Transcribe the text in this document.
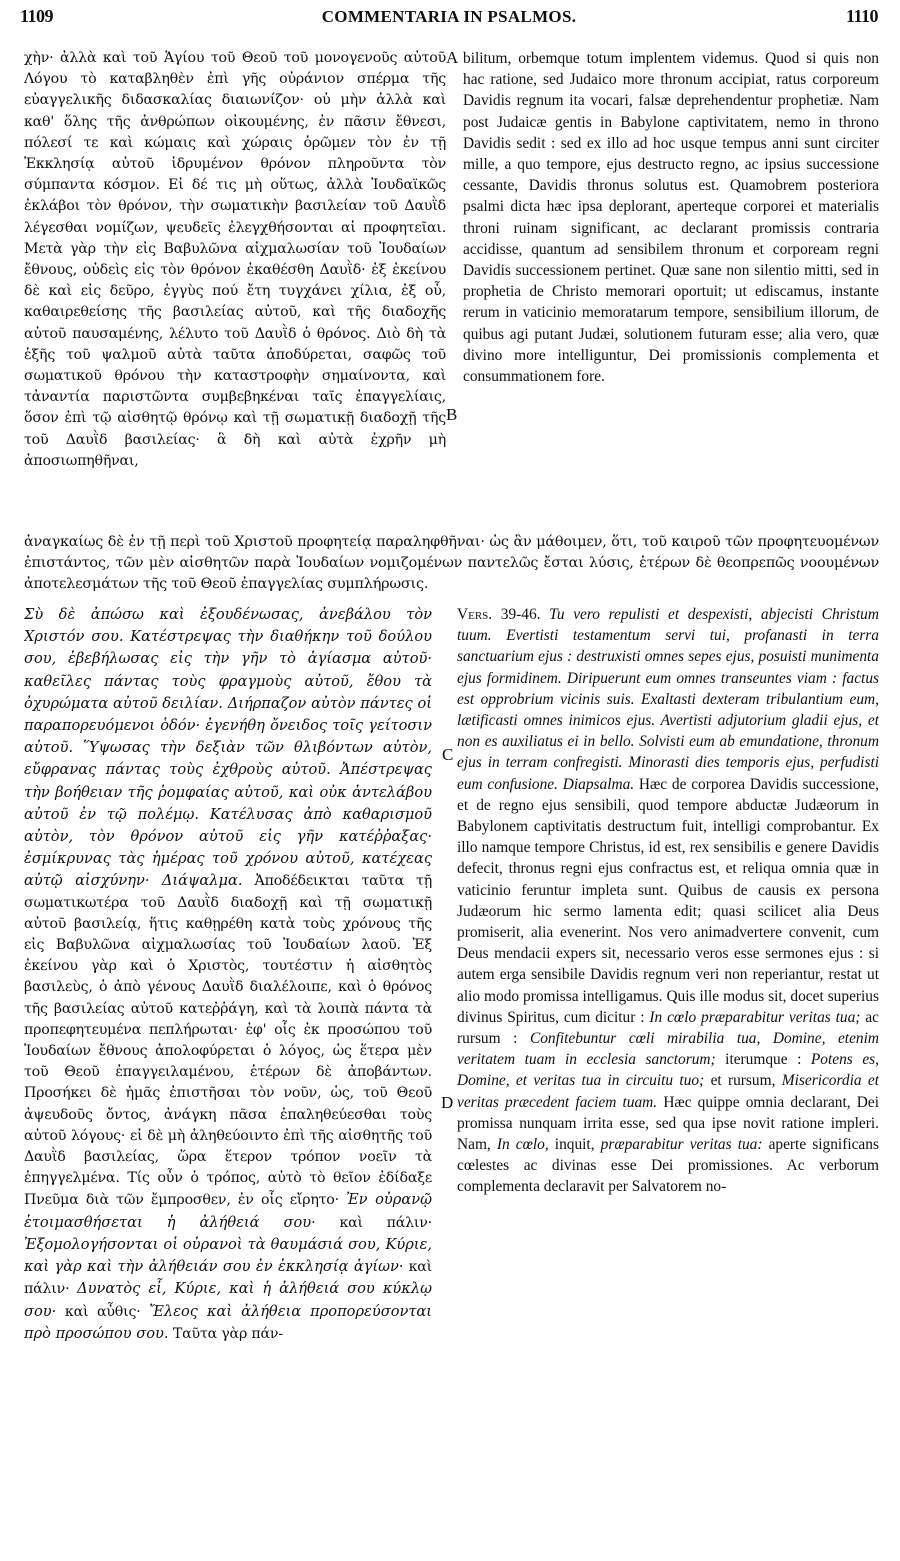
1109	COMMENTARIA IN PSALMOS.	1110
A
B
C
D

χὴν· ἀλλὰ καὶ τοῦ Ἁγίου τοῦ Θεοῦ τοῦ μονογενοῦς αὐτοῦ Λόγου τὸ καταβληθὲν ἐπὶ γῆς οὐράνιον σπέρμα τῆς εὐαγγελικῆς διδασκαλίας διαιωνίζον· οὐ μὴν ἀλλὰ καὶ καθ' ὅλης τῆς ἀνθρώπων οἰκουμένης, ἐν πᾶσιν ἔθνεσι, πόλεσί τε καὶ κώμαις καὶ χώραις ὁρῶμεν τὸν ἐν τῇ Ἐκκλησίᾳ αὐτοῦ ἱδρυμένον θρόνον πληροῦντα τὸν σύμπαντα κόσμον. Εἰ δέ τις μὴ οὕτως, ἀλλὰ Ἰουδαϊκῶς ἐκλάβοι τὸν θρόνον, τὴν σωματικὴν βασιλείαν τοῦ Δαυῒδ λέγεσθαι νομίζων, ψευδεῖς ἐλεγχθήσονται αἱ προφητεῖαι. Μετὰ γὰρ τὴν εἰς Βαβυλῶνα αἰχμαλωσίαν τοῦ Ἰουδαίων ἔθνους, οὐδεὶς εἰς τὸν θρόνον ἐκαθέσθη Δαυῒδ· ἐξ ἐκείνου δὲ καὶ εἰς δεῦρο, ἐγγὺς πού ἔτη τυγχάνει χίλια, ἐξ οὗ, καθαιρεθείσης τῆς βασιλείας αὐτοῦ, καὶ τῆς διαδοχῆς αὐτοῦ παυσαμένης, λέλυτο τοῦ Δαυῒδ ὁ θρόνος. Διὸ δὴ τὰ ἑξῆς τοῦ ψαλμοῦ αὐτὰ ταῦτα ἀποδύρεται, σαφῶς τοῦ σωματικοῦ θρόνου τὴν καταστροφὴν σημαίνοντα, καὶ τἀναντία παριστῶντα συμβεβηκέναι ταῖς ἐπαγγελίαις, ὅσον ἐπὶ τῷ αἰσθητῷ θρόνῳ καὶ τῇ σωματικῇ διαδοχῇ τῆς τοῦ Δαυῒδ βασιλείας· ἃ δὴ καὶ αὐτὰ ἐχρῆν μὴ ἀποσιωπηθῆναι,

bilitum, orbemque totum implentem videmus. Quod si quis non hac ratione, sed Judaico more thronum accipiat, ratus corporeum Davidis regnum ita vocari, falsæ deprehendentur prophetiæ. Nam post Judaicæ gentis in Babylone captivitatem, nemo in throno Davidis sedit : sed ex illo ad hoc usque tempus anni sunt circiter mille, a quo tempore, ejus destructo regno, ac ipsius successione cessante, Davidis thronus solutus est. Quamobrem posteriora psalmi dicta hæc ipsa deplorant, aperteque corporei et materialis throni ruinam significant, ac declarant promissis contraria accidisse, quantum ad sensibilem thronum et corpoream regni Davidis successionem pertinet. Quæ sane non silentio mitti, sed in prophetia de Christo memorari oportuit; ut ediscamus, instante rerum in vaticinio memoratarum tempore, sensibilium illorum, de quibus agi putant Judæi, solutionem futuram esse; alia vero, quæ divino more intelliguntur, Dei promissionis complementa et consummationem fore.

ἀναγκαίως δὲ ἐν τῇ περὶ τοῦ Χριστοῦ προφητείᾳ παραληφθῆναι· ὡς ἂν μάθοιμεν, ὅτι, τοῦ καιροῦ τῶν προφητευομένων ἐπιστάντος, τῶν μὲν αἰσθητῶν παρὰ Ἰουδαίων νομιζομένων παντελῶς ἔσται λύσις, ἑτέρων δὲ θεοπρεπῶς νοουμένων ἀποτελεσμάτων τῆς τοῦ Θεοῦ ἐπαγγελίας συμπλήρωσις.

Σὺ δὲ ἀπώσω καὶ ἐξουδένωσας, ἀνεβάλου τὸν Χριστόν σου. Κατέστρεψας τὴν διαθήκην τοῦ δούλου σου, ἐβεβήλωσας εἰς τὴν γῆν τὸ ἁγίασμα αὐτοῦ· καθεῖλες πάντας τοὺς φραγμοὺς αὐτοῦ, ἔθου τὰ ὀχυρώματα αὐτοῦ δειλίαν. Διήρπαζον αὐτὸν πάντες οἱ παραπορευόμενοι ὁδόν· ἐγενήθη ὄνειδος τοῖς γείτοσιν αὐτοῦ. Ὕψωσας τὴν δεξιὰν τῶν θλιβόντων αὐτὸν, εὔφρανας πάντας τοὺς ἐχθροὺς αὐτοῦ. Ἀπέστρεψας τὴν βοήθειαν τῆς ῥομφαίας αὐτοῦ, καὶ οὐκ ἀντελάβου αὐτοῦ ἐν τῷ πολέμῳ. Κατέλυσας ἀπὸ καθαρισμοῦ αὐτὸν, τὸν θρόνον αὐτοῦ εἰς γῆν κατέῤῥαξας· ἐσμίκρυνας τὰς ἡμέρας τοῦ χρόνου αὐτοῦ, κατέχεας αὐτῷ αἰσχύνην· Διάψαλμα. Ἀποδέδεικται ταῦτα τῇ σωματικωτέρα τοῦ Δαυῒδ διαδοχῇ καὶ τῇ σωματικῇ αὐτοῦ βασιλείᾳ, ἥτις καθῃρέθη κατὰ τοὺς χρόνους τῆς εἰς Βαβυλῶνα αἰχμαλωσίας τοῦ Ἰουδαίων λαοῦ. Ἐξ ἐκείνου γὰρ καὶ ὁ Χριστὸς, τουτέστιν ἡ αἰσθητὸς βασιλεὺς, ὁ ἀπὸ γένους Δαυῒδ διαλέλοιπε, καὶ ὁ θρόνος τῆς βασιλείας αὐτοῦ κατεῤῥάγη, καὶ τὰ λοιπὰ πάντα τὰ προπεφητευμένα πεπλήρωται· ἐφ' οἷς ἐκ προσώπου τοῦ Ἰουδαίων ἔθνους ἀπολοφύρεται ὁ λόγος, ὡς ἕτερα μὲν τοῦ Θεοῦ ἐπαγγειλαμένου, ἑτέρων δὲ ἀποβάντων. Προσήκει δὲ ἡμᾶς ἐπιστῆσαι τὸν νοῦν, ὡς, τοῦ Θεοῦ ἀψευδοῦς ὄντος, ἀνάγκη πᾶσα ἐπαληθεύεσθαι τοὺς αὐτοῦ λόγους· εἰ δὲ μὴ ἀληθεύοιντο ἐπὶ τῆς αἰσθητῆς τοῦ Δαυῒδ βασιλείας, ὥρα ἕτερον τρόπον νοεῖν τὰ ἐπηγγελμένα. Τίς οὖν ὁ τρόπος, αὐτὸ τὸ θεῖον ἐδίδαξε Πνεῦμα διὰ τῶν ἔμπροσθεν, ἐν οἷς εἴρητο· Ἐν οὐρανῷ ἑτοιμασθήσεται ἡ ἀλήθειά σου· καὶ πάλιν· Ἐξομολογήσονται οἱ οὐρανοὶ τὰ θαυμάσιά σου, Κύριε, καὶ γὰρ καὶ τὴν ἀλήθειάν σου ἐν ἐκκλησίᾳ ἁγίων· καὶ πάλιν· Δυνατὸς εἶ, Κύριε, καὶ ἡ ἀλήθειά σου κύκλῳ σου· καὶ αὖθις· Ἔλεος καὶ ἀλήθεια προπορεύσονται πρὸ προσώπου σου. Ταῦτα γὰρ πάν-

Vers. 39-46. Tu vero repulisti et despexisti, abjecisti Christum tuum. Evertisti testamentum servi tui, profanasti in terra sanctuarium ejus : destruxisti omnes sepes ejus, posuisti munimenta ejus formidinem. Diripuerunt eum omnes transeuntes viam : factus est opprobrium vicinis suis. Exaltasti dexteram tribulantium eum, lætificasti omnes inimicos ejus. Avertisti adjutorium gladii ejus, et non es auxiliatus ei in bello. Solvisti eum ab emundatione, thronum ejus in terram confregisti. Minorasti dies temporis ejus, perfudisti eum confusione. Diapsalma. Hæc de corporea Davidis successione, et de regno ejus sensibili, quod tempore abductæ Judæorum in Babylonem captivitatis destructum fuit, intelligi comprobantur. Ex illo namque tempore Christus, id est, rex sensibilis e genere Davidis defecit, thronus regni ejus confractus est, et reliqua omnia quæ in vaticinio feruntur impleta sunt. Quibus de causis ex persona Judæorum hic sermo lamenta edit; quasi scilicet alia Deus promiserit, alia evenerint. Nos vero animadvertere convenit, cum Deus mendacii expers sit, necessario veros esse sermones ejus : si autem erga sensibile Davidis regnum veri non reperiantur, restat ut alio modo promissa intelligamus. Quis ille modus sit, docet superius divinus Spiritus, cum dicitur : In cœlo præparabitur veritas tua; ac rursum : Confitebuntur cœli mirabilia tua, Domine, etenim veritatem tuam in ecclesia sanctorum; iterumque : Potens es, Domine, et veritas tua in circuitu tuo; et rursum, Misericordia et veritas præcedent faciem tuam. Hæc quippe omnia declarant, Dei promissa nunquam irrita esse, sed qua ipse novit ratione impleri. Nam, In cœlo, inquit, præparabitur veritas tua: aperte significans cœlestes ac divinas esse Dei promissiones. Ac verborum complementa declaravit per Salvatorem no-
